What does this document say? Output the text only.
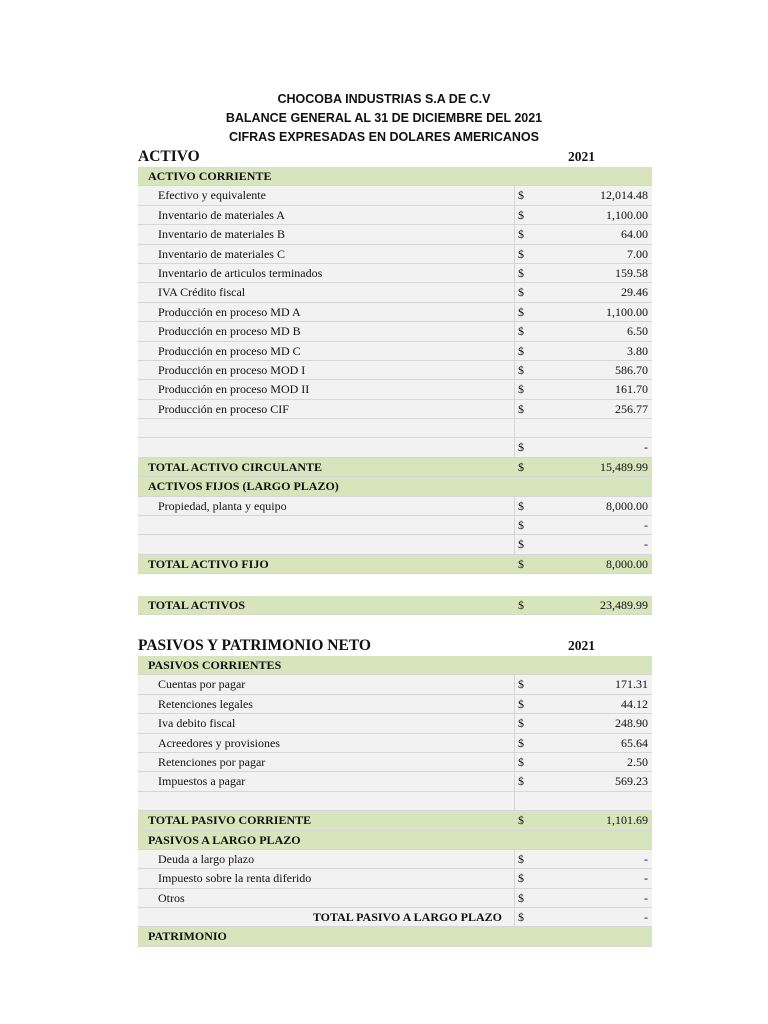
CHOCOBA INDUSTRIAS S.A DE C.V
BALANCE GENERAL AL 31 DE DICIEMBRE DEL 2021
CIFRAS EXPRESADAS EN DOLARES AMERICANOS
ACTIVO	2021
ACTIVO CORRIENTE
Efectivo y equivalente	$	12,014.48
Inventario de materiales A	$	1,100.00
Inventario de materiales B	$	64.00
Inventario de materiales C	$	7.00
Inventario de articulos terminados	$	159.58
IVA Crédito fiscal	$	29.46
Producción en proceso MD A	$	1,100.00
Producción en proceso MD B	$	6.50
Producción en proceso MD C	$	3.80
Producción en proceso MOD I	$	586.70
Producción en proceso MOD II	$	161.70
Producción en proceso CIF	$	256.77
$	-
TOTAL ACTIVO CIRCULANTE	$	15,489.99
ACTIVOS FIJOS (LARGO PLAZO)
Propiedad, planta y equipo	$	8,000.00
$	-
$	-
TOTAL ACTIVO FIJO	$	8,000.00
TOTAL ACTIVOS	$	23,489.99
PASIVOS Y PATRIMONIO NETO	2021
PASIVOS CORRIENTES
Cuentas por pagar	$	171.31
Retenciones legales	$	44.12
Iva debito fiscal	$	248.90
Acreedores y provisiones	$	65.64
Retenciones por pagar	$	2.50
Impuestos a pagar	$	569.23
TOTAL PASIVO CORRIENTE	$	1,101.69
PASIVOS A LARGO PLAZO
Deuda a largo plazo	$	-
Impuesto sobre la renta diferido	$	-
Otros	$	-
TOTAL PASIVO A LARGO PLAZO $	-
PATRIMONIO
